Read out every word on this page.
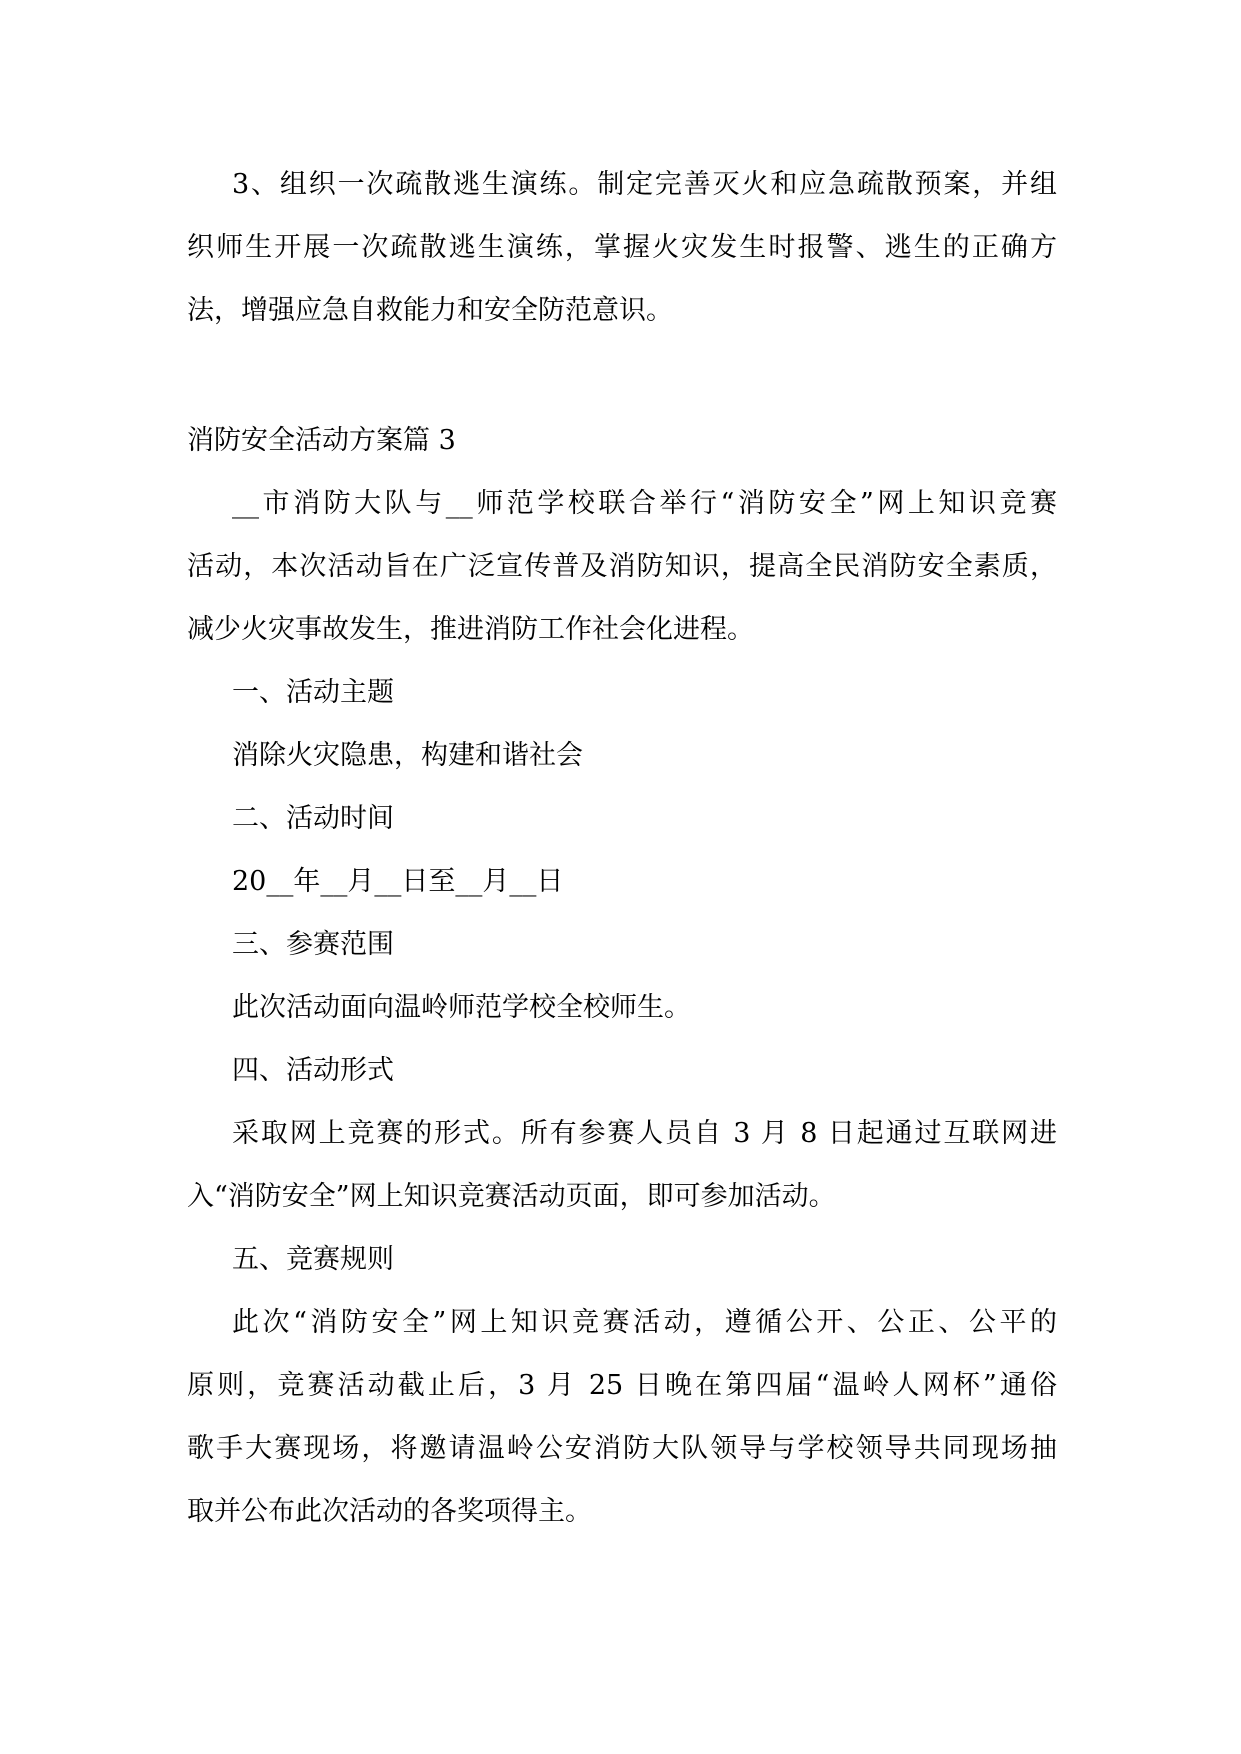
3、组织一次疏散逃生演练。制定完善灭火和应急疏散预案，并组
织师生开展一次疏散逃生演练，掌握火灾发生时报警、逃生的正确方
法，增强应急自救能力和安全防范意识。
消防安全活动方案篇 3
__市消防大队与__师范学校联合举行“消防安全”网上知识竞赛
活动，本次活动旨在广泛宣传普及消防知识，提高全民消防安全素质，
减少火灾事故发生，推进消防工作社会化进程。
一、活动主题
消除火灾隐患，构建和谐社会
二、活动时间
20__年__月__日至__月__日
三、参赛范围
此次活动面向温岭师范学校全校师生。
四、活动形式
采取网上竞赛的形式。所有参赛人员自 3 月 8 日起通过互联网进
入“消防安全”网上知识竞赛活动页面，即可参加活动。
五、竞赛规则
此次“消防安全”网上知识竞赛活动，遵循公开、公正、公平的
原则，竞赛活动截止后，3 月 25 日晚在第四届“温岭人网杯”通俗
歌手大赛现场，将邀请温岭公安消防大队领导与学校领导共同现场抽
取并公布此次活动的各奖项得主。
